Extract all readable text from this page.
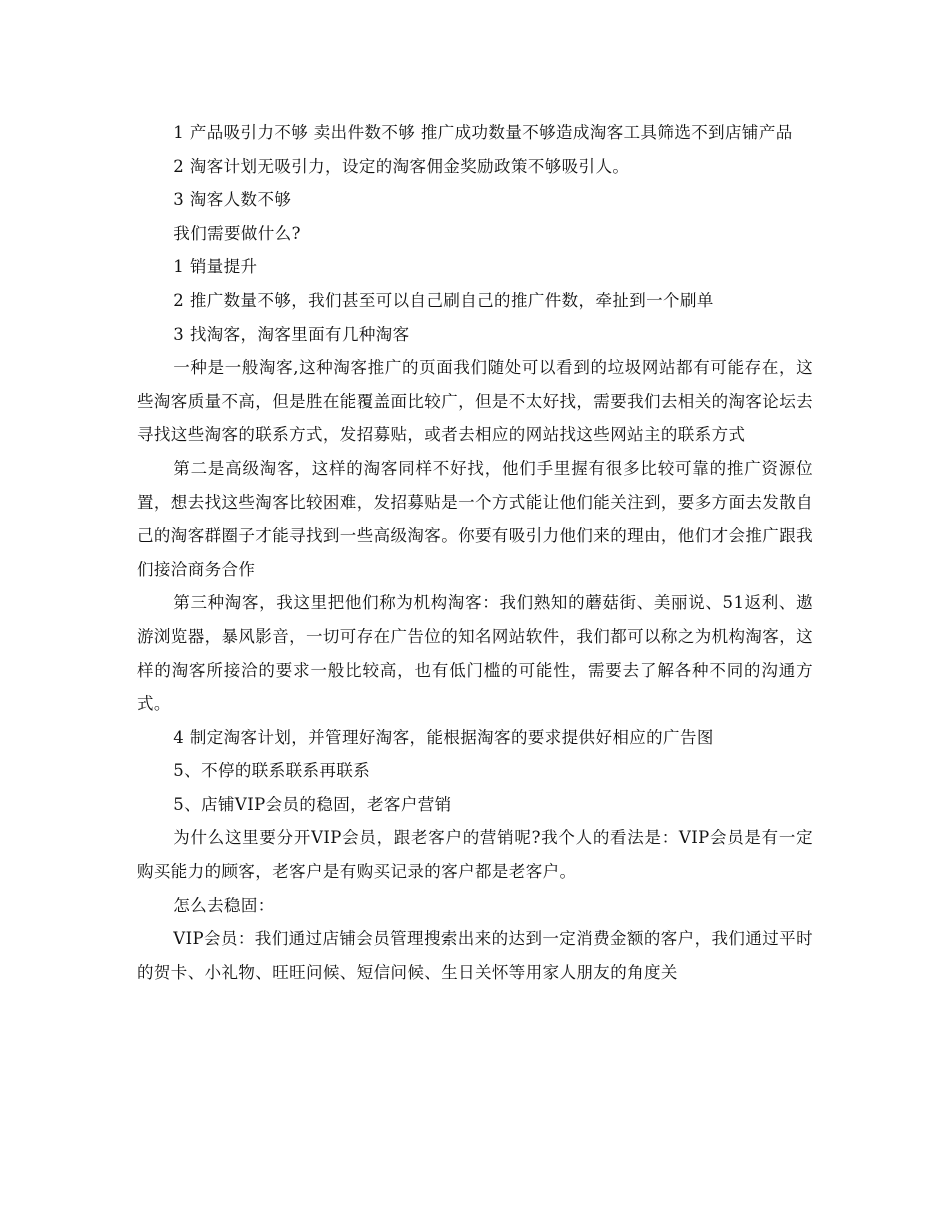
1 产品吸引力不够 卖出件数不够 推广成功数量不够造成淘客工具筛选不到店铺产品

2 淘客计划无吸引力，设定的淘客佣金奖励政策不够吸引人。

3 淘客人数不够

我们需要做什么?

1 销量提升

2 推广数量不够，我们甚至可以自己刷自己的推广件数，牵扯到一个刷单

3 找淘客，淘客里面有几种淘客

一种是一般淘客,这种淘客推广的页面我们随处可以看到的垃圾网站都有可能存在，这些淘客质量不高，但是胜在能覆盖面比较广，但是不太好找，需要我们去相关的淘客论坛去寻找这些淘客的联系方式，发招募贴，或者去相应的网站找这些网站主的联系方式

第二是高级淘客，这样的淘客同样不好找，他们手里握有很多比较可靠的推广资源位置，想去找这些淘客比较困难，发招募贴是一个方式能让他们能关注到，要多方面去发散自己的淘客群圈子才能寻找到一些高级淘客。你要有吸引力他们来的理由，他们才会推广跟我们接洽商务合作

第三种淘客，我这里把他们称为机构淘客：我们熟知的蘑菇街、美丽说、51返利、遨游浏览器，暴风影音，一切可存在广告位的知名网站软件，我们都可以称之为机构淘客，这样的淘客所接洽的要求一般比较高，也有低门槛的可能性，需要去了解各种不同的沟通方式。

4 制定淘客计划，并管理好淘客，能根据淘客的要求提供好相应的广告图

5、不停的联系联系再联系

5、店铺VIP会员的稳固，老客户营销

为什么这里要分开VIP会员，跟老客户的营销呢?我个人的看法是：VIP会员是有一定购买能力的顾客，老客户是有购买记录的客户都是老客户。

怎么去稳固：

VIP会员：我们通过店铺会员管理搜索出来的达到一定消费金额的客户，我们通过平时的贺卡、小礼物、旺旺问候、短信问候、生日关怀等用家人朋友的角度关
